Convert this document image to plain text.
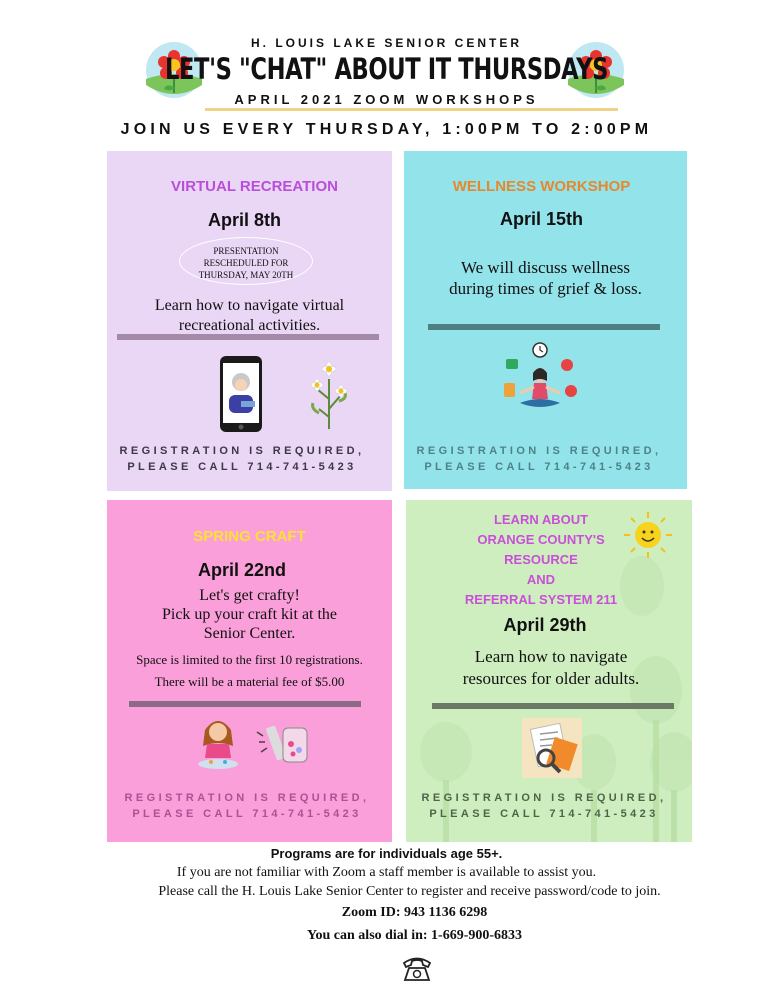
H. LOUIS LAKE SENIOR CENTER
LET'S "CHAT" ABOUT IT THURSDAYS
APRIL 2021 ZOOM WORKSHOPS
JOIN US EVERY THURSDAY, 1:00PM TO 2:00PM
VIRTUAL RECREATION
April 8th
PRESENTATION
RESCHEDULED FOR
THURSDAY, MAY 20TH
Learn how to navigate virtual
recreational activities.
REGISTRATION IS REQUIRED,
PLEASE CALL 714-741-5423
WELLNESS WORKSHOP
April 15th
We will discuss wellness
during times of grief & loss.
REGISTRATION IS REQUIRED,
PLEASE CALL 714-741-5423
SPRING CRAFT
April 22nd
Let's get crafty!
Pick up your craft kit at the
Senior Center.
Space is limited to the first 10 registrations.
There will be a material fee of $5.00
REGISTRATION IS REQUIRED,
PLEASE CALL 714-741-5423
LEARN ABOUT
ORANGE COUNTY'S
RESOURCE
AND
REFERRAL SYSTEM 211
April 29th
Learn how to navigate
resources for older adults.
REGISTRATION IS REQUIRED,
PLEASE CALL 714-741-5423
Programs are for individuals age 55+.
If you are not familiar with Zoom a staff member is available to assist you.
Please call the H. Louis Lake Senior Center to register and receive password/code to join.
Zoom ID: 943 1136 6298
You can also dial in: 1-669-900-6833
